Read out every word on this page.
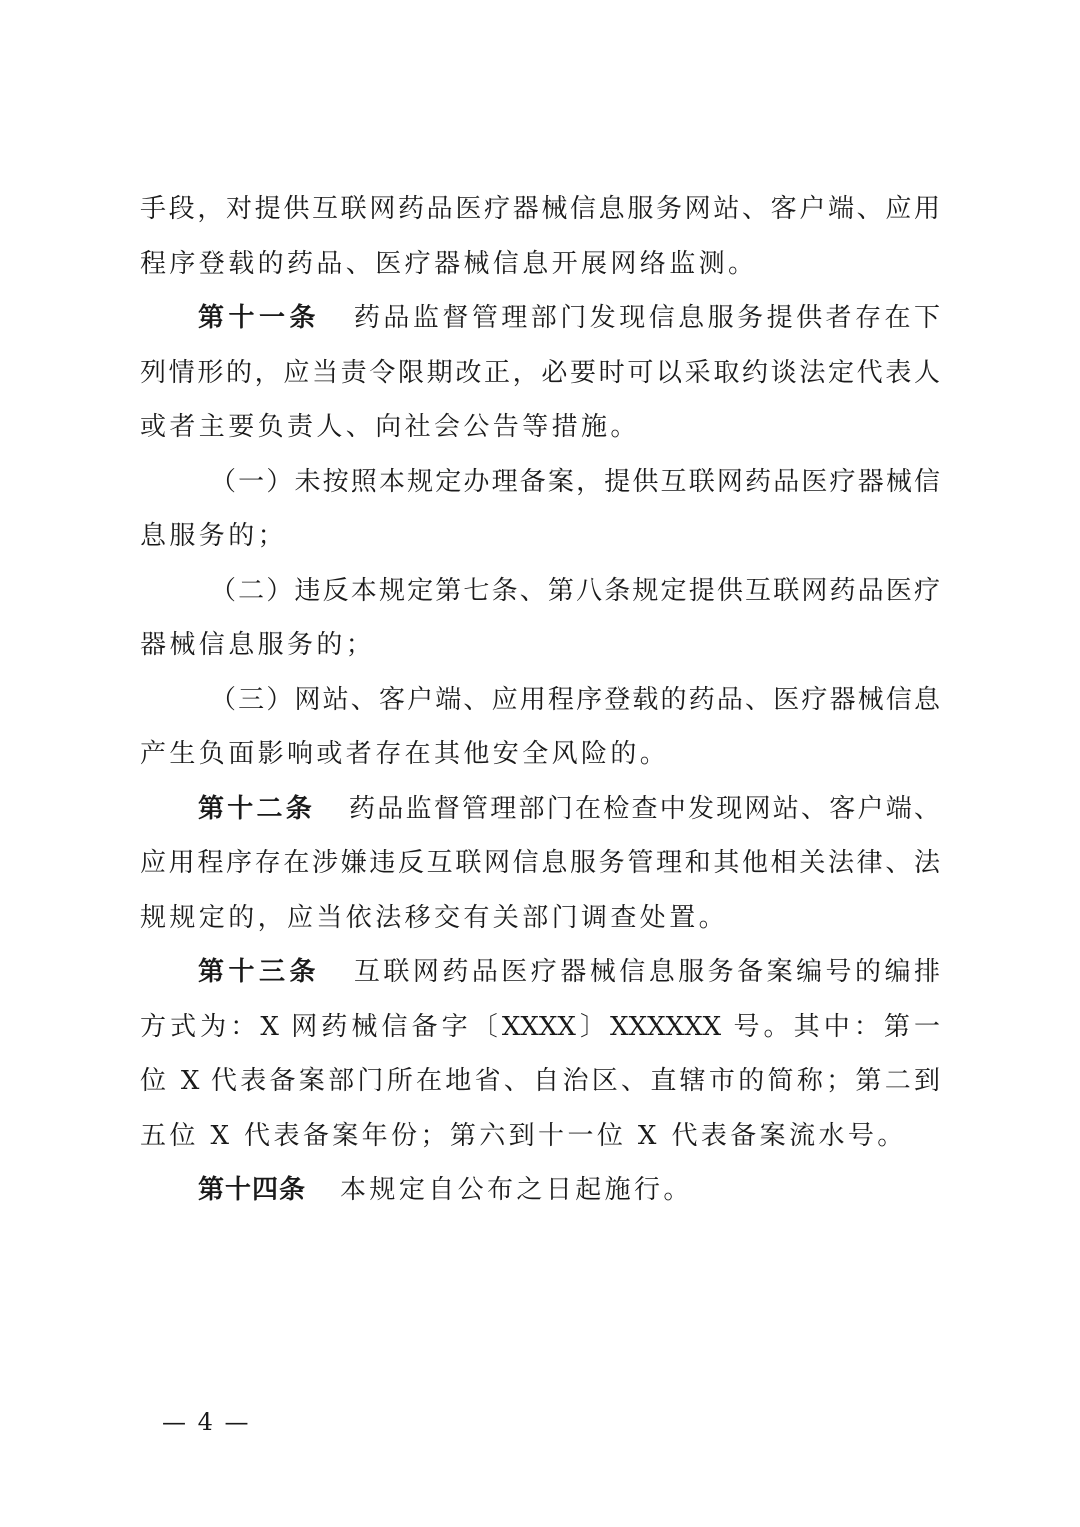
手段，对提供互联网药品医疗器械信息服务网站、客户端、应用
程序登载的药品、医疗器械信息开展网络监测。
第十一条 药品监督管理部门发现信息服务提供者存在下
列情形的，应当责令限期改正，必要时可以采取约谈法定代表人
或者主要负责人、向社会公告等措施。
（一）未按照本规定办理备案，提供互联网药品医疗器械信
息服务的；
（二）违反本规定第七条、第八条规定提供互联网药品医疗
器械信息服务的；
（三）网站、客户端、应用程序登载的药品、医疗器械信息
产生负面影响或者存在其他安全风险的。
第十二条 药品监督管理部门在检查中发现网站、客户端、
应用程序存在涉嫌违反互联网信息服务管理和其他相关法律、法
规规定的，应当依法移交有关部门调查处置。
第十三条 互联网药品医疗器械信息服务备案编号的编排
方式为：X 网药械信备字〔XXXX〕XXXXXX 号。其中：第一
位 X 代表备案部门所在地省、自治区、直辖市的简称；第二到
五位 X 代表备案年份；第六到十一位 X 代表备案流水号。
第十四条 本规定自公布之日起施行。
— 4 —
